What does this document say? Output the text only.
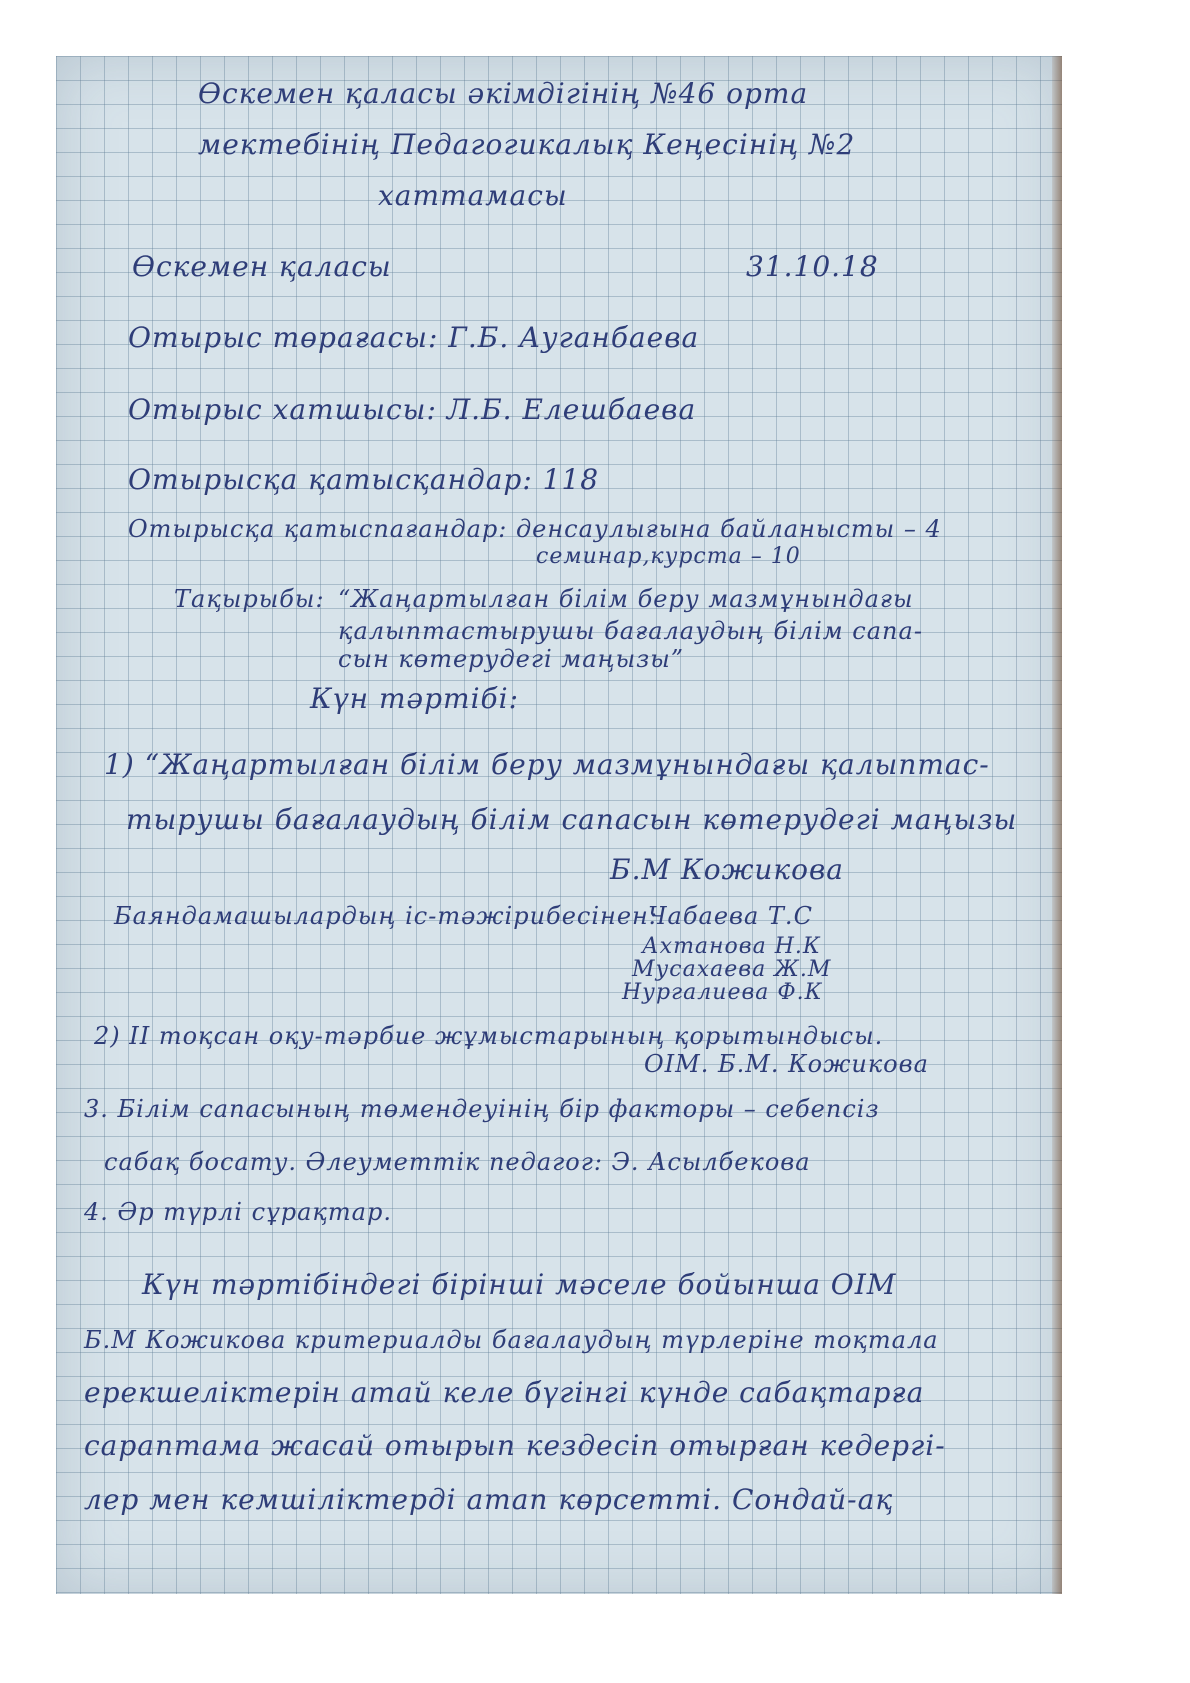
Өскемен қаласы әкімдігінің №46 орта

мектебінің Педагогикалық Кеңесінің №2

хаттамасы

Өскемен қаласы	31.10.18

Отырыс төрағасы: Г.Б. Ауганбаева

Отырыс хатшысы: Л.Б. Елешбаева

Отырысқа қатысқандар: 118

Отырысқа қатыспағандар: денсаулығына байланысты – 4

семинар,курста – 10

Тақырыбы: “Жаңартылған білім беру мазмұнындағы

қалыптастырушы бағалаудың білім сапа-

сын көтерудегі маңызы”

Күн тәртібі:

1) “Жаңартылған білім беру мазмұнындағы қалыптас-

тырушы бағалаудың білім сапасын көтерудегі маңызы

Б.М Кожикова

Баяндамашылардың іс-тәжірибесінен:

Чабаева Т.С

Ахтанова Н.К

Мусахаева Ж.М

Нургалиева Ф.К

2) II тоқсан оқу-тәрбие жұмыстарының қорытындысы.

ОІМ. Б.М. Кожикова

3. Білім сапасының төмендеуінің бір факторы – себепсіз

сабақ босату. Әлеуметтік педагог: Э. Асылбекова

4. Әр түрлі сұрақтар.

Күн тәртібіндегі бірінші мәселе бойынша ОІМ

Б.М Кожикова критериалды бағалаудың түрлеріне тоқтала

ерекшеліктерін атай келе бүгінгі күнде сабақтарға

сараптама жасай отырып кездесіп отырған кедергі-

лер мен кемшіліктерді атап көрсетті. Сондай-ақ
